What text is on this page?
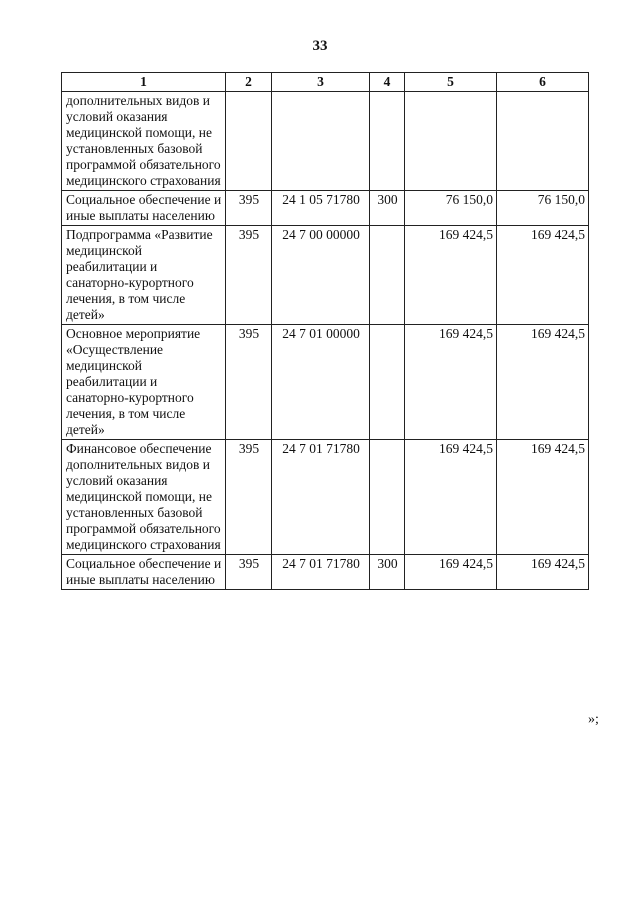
33
1	2	3	4	5	6
дополнительных видов и условий оказания медицинской помощи, не установленных базовой программой обязательного медицинского страхования					
Социальное обеспечение и иные выплаты населению	395	24 1 05 71780	300	76 150,0	76 150,0
Подпрограмма «Развитие медицинской реабилитации и санаторно-курортного лечения, в том числе детей»	395	24 7 00 00000		169 424,5	169 424,5
Основное мероприятие «Осуществление медицинской реабилитации и санаторно-курортного лечения, в том числе детей»	395	24 7 01 00000		169 424,5	169 424,5
Финансовое обеспечение дополнительных видов и условий оказания медицинской помощи, не установленных базовой программой обязательного медицинского страхования	395	24 7 01 71780		169 424,5	169 424,5
Социальное обеспечение и иные выплаты населению	395	24 7 01 71780	300	169 424,5	169 424,5
»;
